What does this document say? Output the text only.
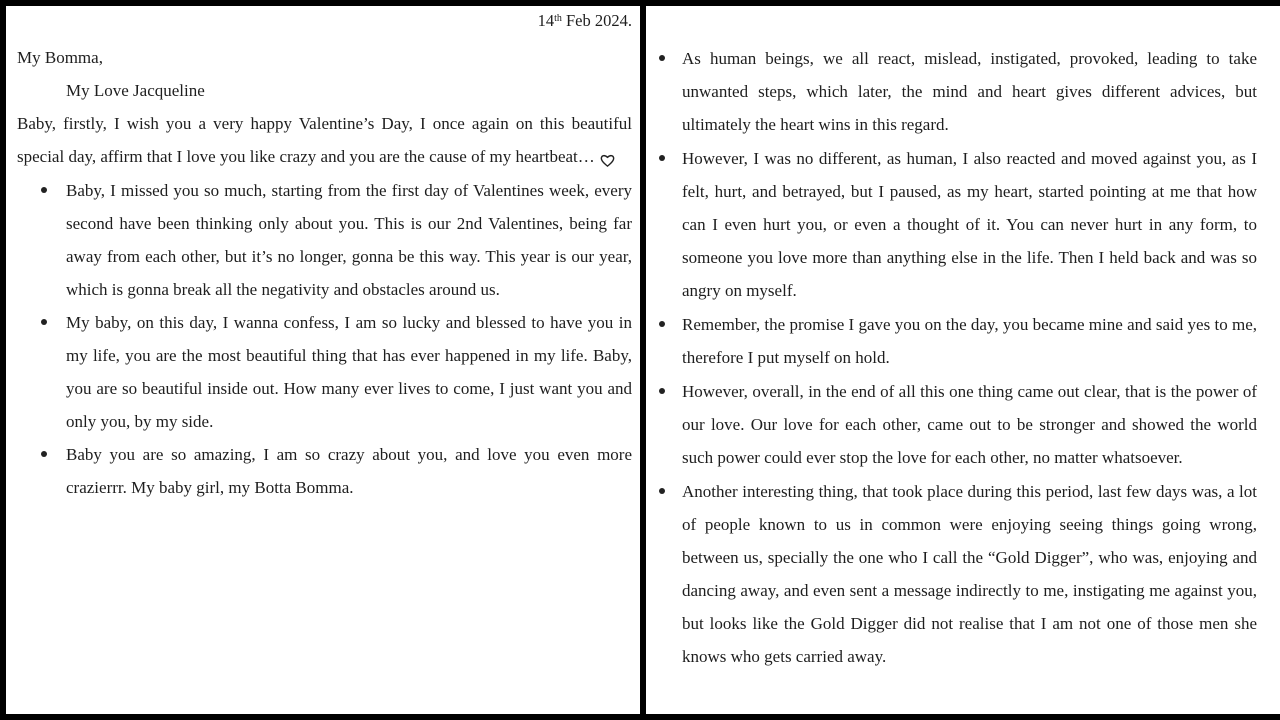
14th Feb 2024.

My Bomma,

My Love Jacqueline

Baby, firstly, I wish you a very happy Valentine’s Day, I once again on this beautiful special day, affirm that I love you like crazy and you are the cause of my heartbeat…

Baby, I missed you so much, starting from the first day of Valentines week, every second have been thinking only about you. This is our 2nd Valentines, being far away from each other, but it’s no longer, gonna be this way. This year is our year, which is gonna break all the negativity and obstacles around us.
My baby, on this day, I wanna confess, I am so lucky and blessed to have you in my life, you are the most beautiful thing that has ever happened in my life. Baby, you are so beautiful inside out. How many ever lives to come, I just want you and only you, by my side.
Baby you are so amazing, I am so crazy about you, and love you even more crazierrr. My baby girl, my Botta Bomma.
As human beings, we all react, mislead, instigated, provoked, leading to take unwanted steps, which later, the mind and heart gives different advices, but ultimately the heart wins in this regard.
However, I was no different, as human, I also reacted and moved against you, as I felt, hurt, and betrayed, but I paused, as my heart, started pointing at me that how can I even hurt you, or even a thought of it. You can never hurt in any form, to someone you love more than anything else in the life. Then I held back and was so angry on myself.
Remember, the promise I gave you on the day, you became mine and said yes to me, therefore I put myself on hold.
However, overall, in the end of all this one thing came out clear, that is the power of our love. Our love for each other, came out to be stronger and showed the world such power could ever stop the love for each other, no matter whatsoever.
Another interesting thing, that took place during this period, last few days was, a lot of people known to us in common were enjoying seeing things going wrong, between us, specially the one who I call the “Gold Digger”, who was, enjoying and dancing away, and even sent a message indirectly to me, instigating me against you, but looks like the Gold Digger did not realise that I am not one of those men she knows who gets carried away.
